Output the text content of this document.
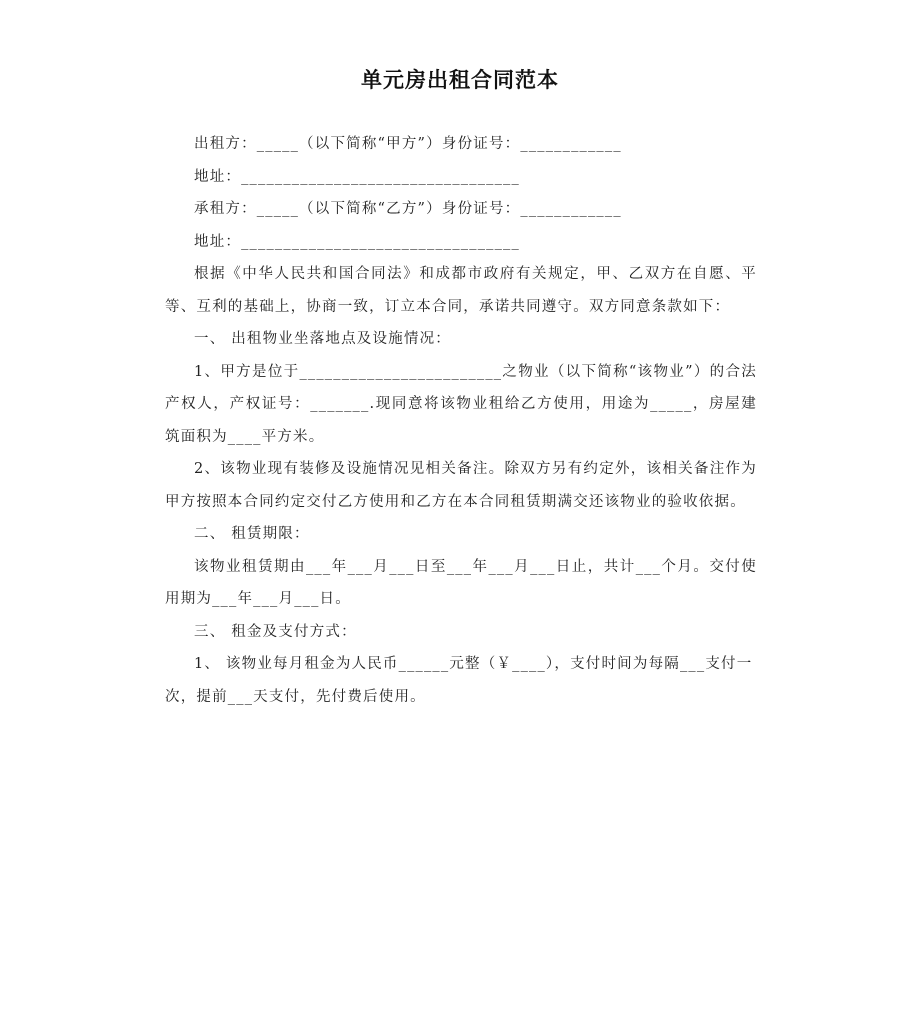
单元房出租合同范本

出租方：_____（以下简称“甲方”）身份证号：____________

地址：_________________________________

承租方：_____（以下简称“乙方”）身份证号：____________

地址：_________________________________

根据《中华人民共和国合同法》和成都市政府有关规定，甲、乙双方在自愿、平等、互利的基础上，协商一致，订立本合同，承诺共同遵守。双方同意条款如下：

一、 出租物业坐落地点及设施情况：

1、甲方是位于________________________之物业（以下简称“该物业”）的合法产权人，产权证号：_______.现同意将该物业租给乙方使用，用途为_____，房屋建筑面积为____平方米。

2、该物业现有装修及设施情况见相关备注。除双方另有约定外，该相关备注作为甲方按照本合同约定交付乙方使用和乙方在本合同租赁期满交还该物业的验收依据。

二、 租赁期限：

该物业租赁期由___年___月___日至___年___月___日止，共计___个月。交付使用期为___年___月___日。

三、 租金及支付方式：

1、 该物业每月租金为人民币______元整（￥____），支付时间为每隔___支付一次，提前___天支付，先付费后使用。
